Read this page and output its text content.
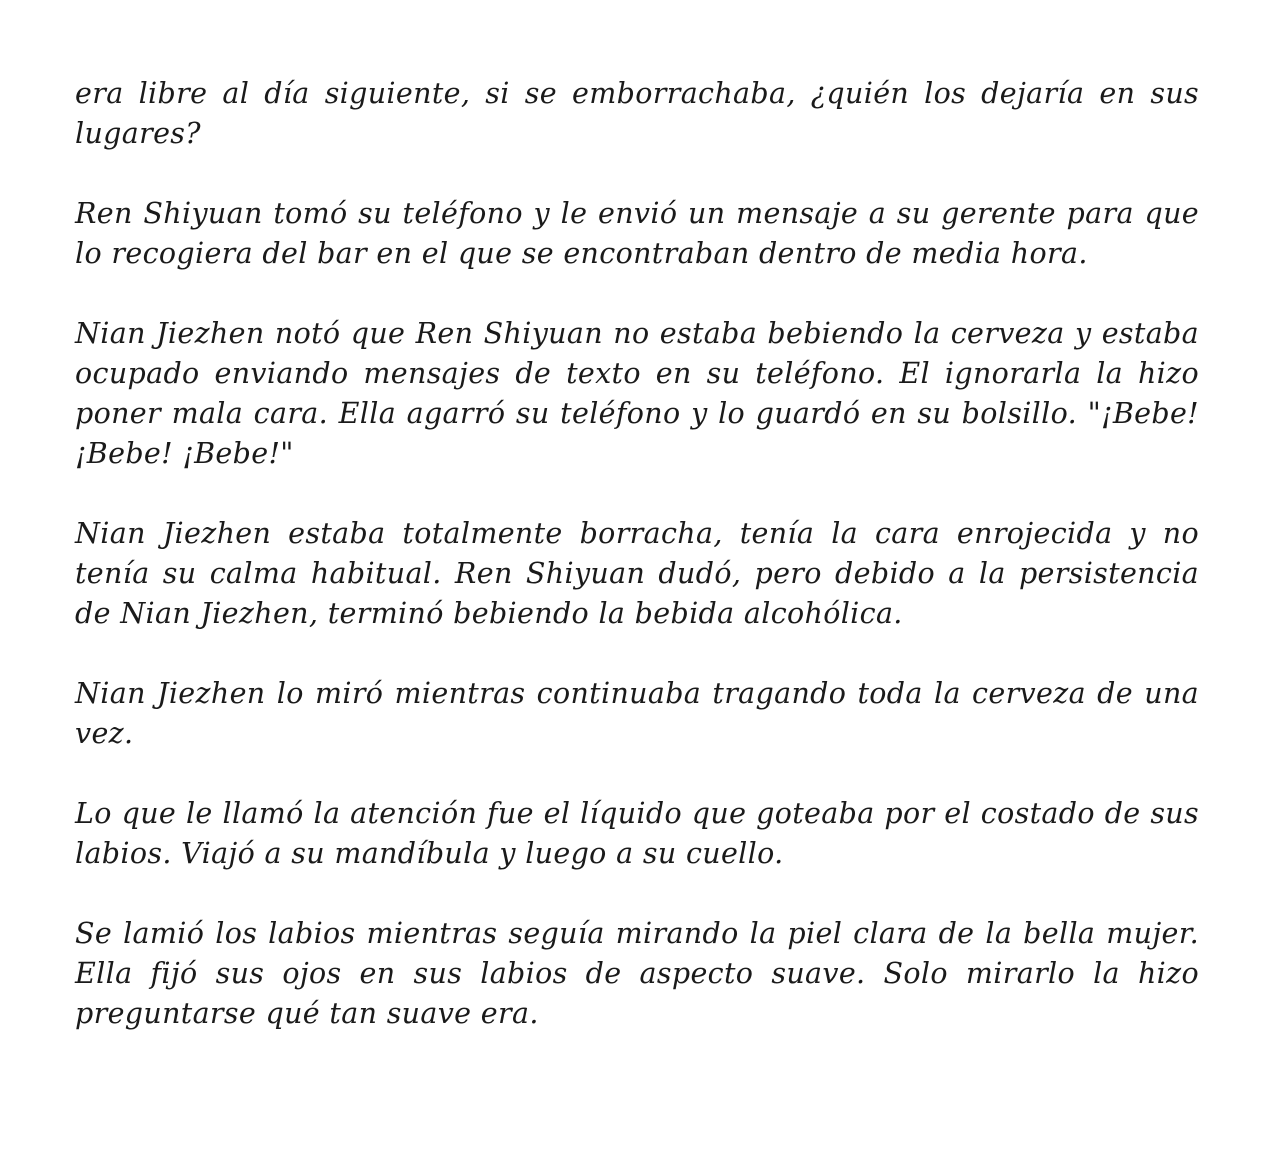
era libre al día siguiente, si se emborrachaba, ¿quién los dejaría en sus lugares?

Ren Shiyuan tomó su teléfono y le envió un mensaje a su gerente para que lo recogiera del bar en el que se encontraban dentro de media hora.

Nian Jiezhen notó que Ren Shiyuan no estaba bebiendo la cerveza y estaba ocupado enviando mensajes de texto en su teléfono. El ignorarla la hizo poner mala cara. Ella agarró su teléfono y lo guardó en su bolsillo. "¡Bebe! ¡Bebe! ¡Bebe!"

Nian Jiezhen estaba totalmente borracha, tenía la cara enrojecida y no tenía su calma habitual. Ren Shiyuan dudó, pero debido a la persistencia de Nian Jiezhen, terminó bebiendo la bebida alcohólica.

Nian Jiezhen lo miró mientras continuaba tragando toda la cerveza de una vez.

Lo que le llamó la atención fue el líquido que goteaba por el costado de sus labios. Viajó a su mandíbula y luego a su cuello.

Se lamió los labios mientras seguía mirando la piel clara de la bella mujer. Ella fijó sus ojos en sus labios de aspecto suave. Solo mirarlo la hizo preguntarse qué tan suave era.
